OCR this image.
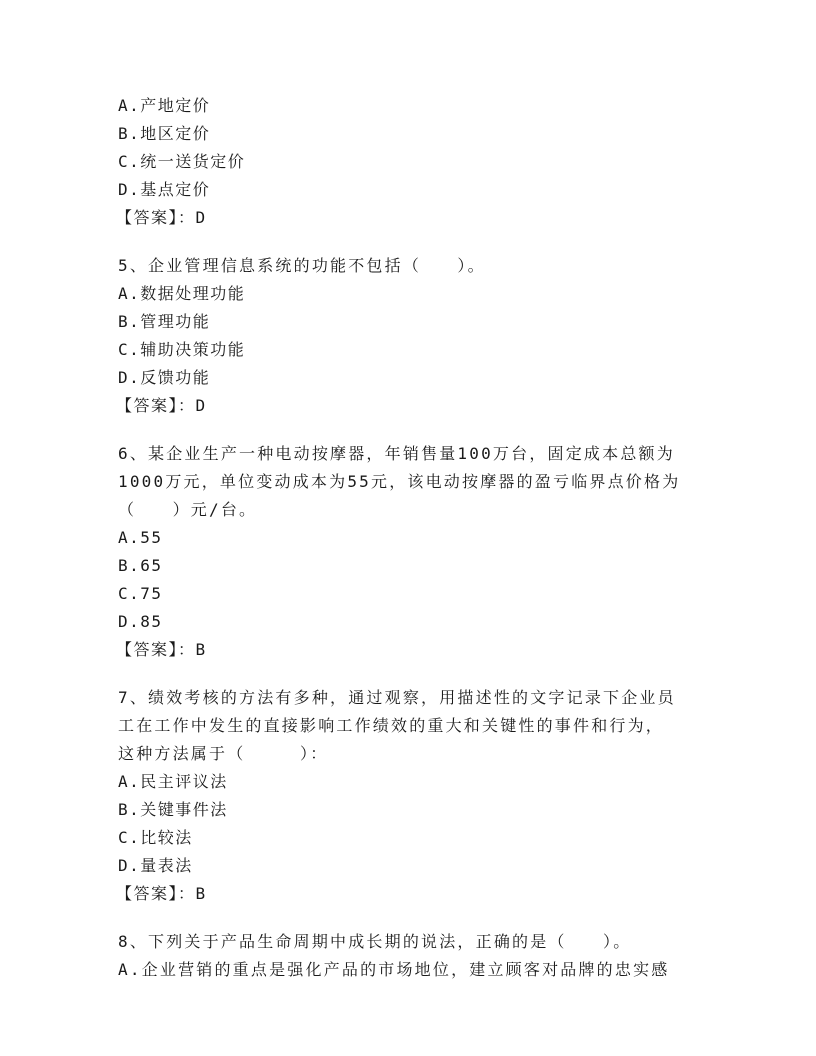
A.产地定价
B.地区定价
C.统一送货定价
D.基点定价
【答案】：D
5、企业管理信息系统的功能不包括（　　）。
A.数据处理功能
B.管理功能
C.辅助决策功能
D.反馈功能
【答案】：D
6、某企业生产一种电动按摩器，年销售量100万台，固定成本总额为
1000万元，单位变动成本为55元，该电动按摩器的盈亏临界点价格为
（　　）元/台。
A.55
B.65
C.75
D.85
【答案】：B
7、绩效考核的方法有多种，通过观察，用描述性的文字记录下企业员
工在工作中发生的直接影响工作绩效的重大和关键性的事件和行为，
这种方法属于（　　　）：
A.民主评议法
B.关键事件法
C.比较法
D.量表法
【答案】：B
8、下列关于产品生命周期中成长期的说法，正确的是（　　）。
A.企业营销的重点是强化产品的市场地位，建立顾客对品牌的忠实感
